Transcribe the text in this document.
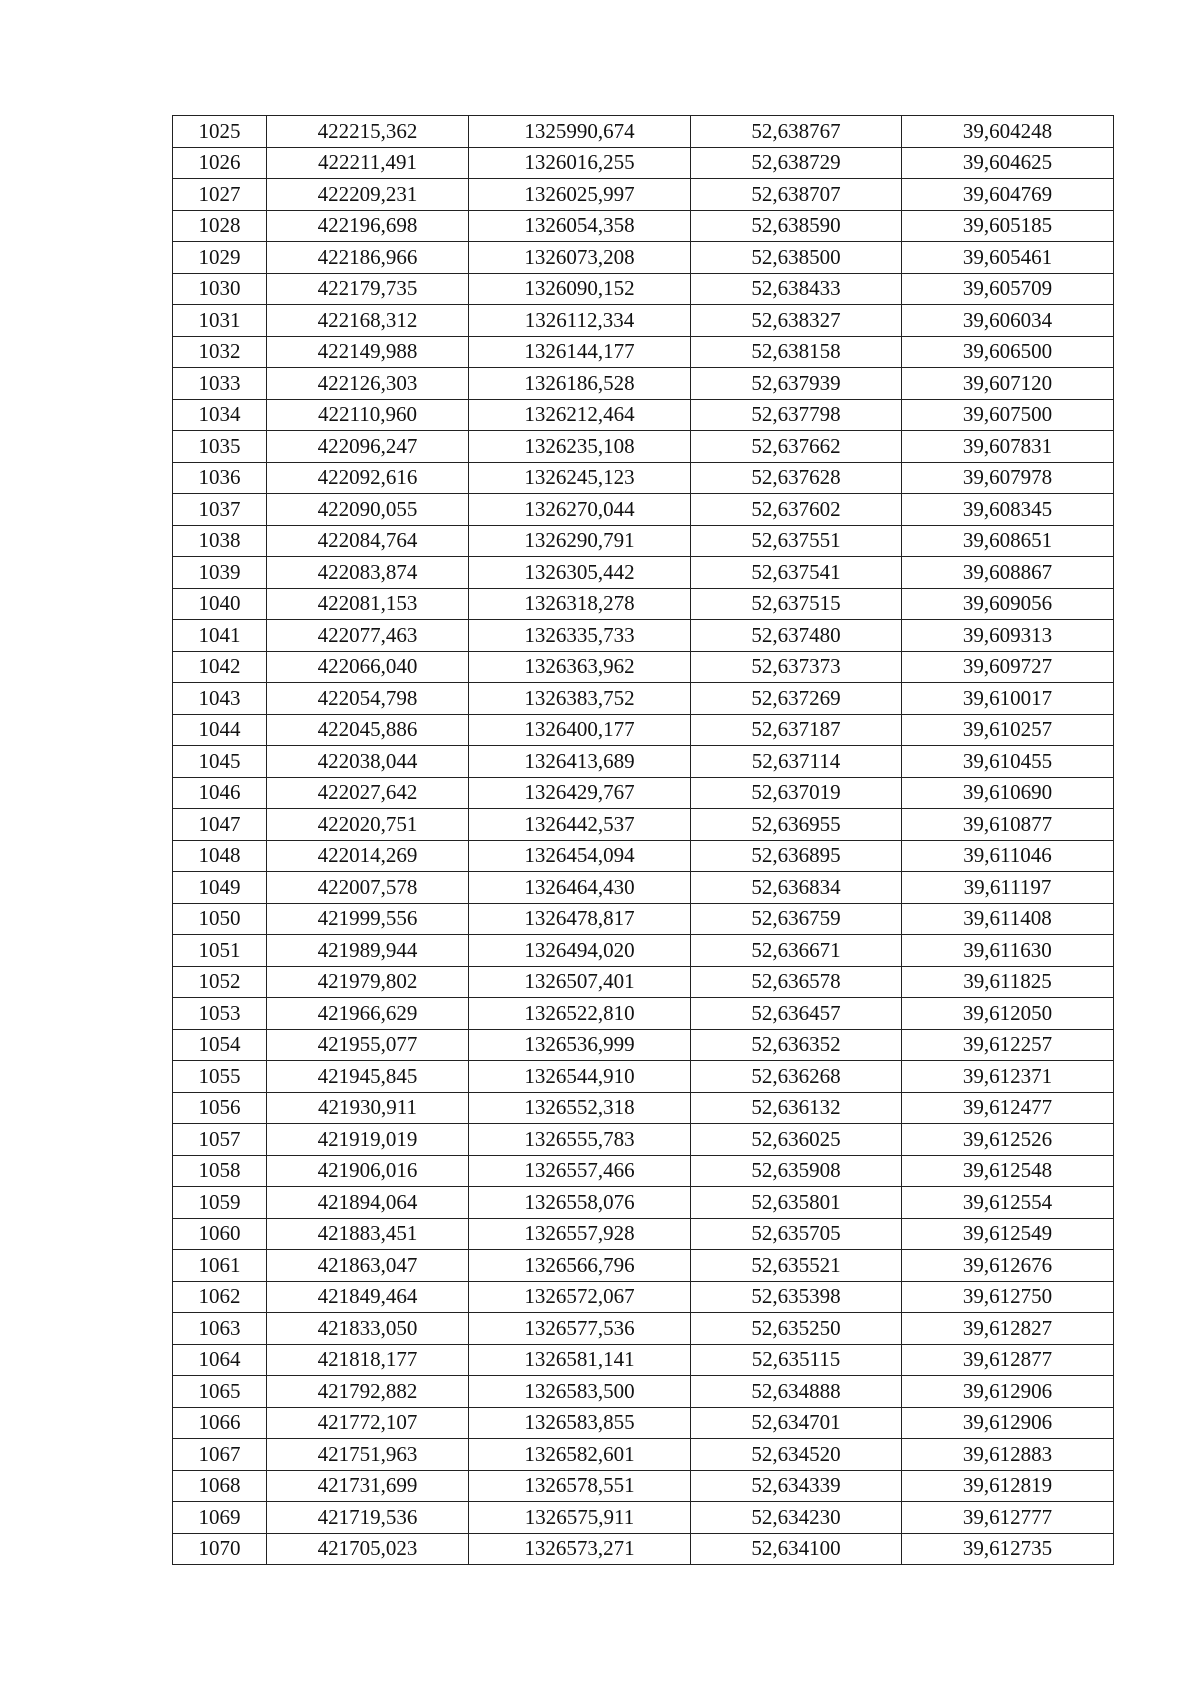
1025	422215,362	1325990,674	52,638767	39,604248
1026	422211,491	1326016,255	52,638729	39,604625
1027	422209,231	1326025,997	52,638707	39,604769
1028	422196,698	1326054,358	52,638590	39,605185
1029	422186,966	1326073,208	52,638500	39,605461
1030	422179,735	1326090,152	52,638433	39,605709
1031	422168,312	1326112,334	52,638327	39,606034
1032	422149,988	1326144,177	52,638158	39,606500
1033	422126,303	1326186,528	52,637939	39,607120
1034	422110,960	1326212,464	52,637798	39,607500
1035	422096,247	1326235,108	52,637662	39,607831
1036	422092,616	1326245,123	52,637628	39,607978
1037	422090,055	1326270,044	52,637602	39,608345
1038	422084,764	1326290,791	52,637551	39,608651
1039	422083,874	1326305,442	52,637541	39,608867
1040	422081,153	1326318,278	52,637515	39,609056
1041	422077,463	1326335,733	52,637480	39,609313
1042	422066,040	1326363,962	52,637373	39,609727
1043	422054,798	1326383,752	52,637269	39,610017
1044	422045,886	1326400,177	52,637187	39,610257
1045	422038,044	1326413,689	52,637114	39,610455
1046	422027,642	1326429,767	52,637019	39,610690
1047	422020,751	1326442,537	52,636955	39,610877
1048	422014,269	1326454,094	52,636895	39,611046
1049	422007,578	1326464,430	52,636834	39,611197
1050	421999,556	1326478,817	52,636759	39,611408
1051	421989,944	1326494,020	52,636671	39,611630
1052	421979,802	1326507,401	52,636578	39,611825
1053	421966,629	1326522,810	52,636457	39,612050
1054	421955,077	1326536,999	52,636352	39,612257
1055	421945,845	1326544,910	52,636268	39,612371
1056	421930,911	1326552,318	52,636132	39,612477
1057	421919,019	1326555,783	52,636025	39,612526
1058	421906,016	1326557,466	52,635908	39,612548
1059	421894,064	1326558,076	52,635801	39,612554
1060	421883,451	1326557,928	52,635705	39,612549
1061	421863,047	1326566,796	52,635521	39,612676
1062	421849,464	1326572,067	52,635398	39,612750
1063	421833,050	1326577,536	52,635250	39,612827
1064	421818,177	1326581,141	52,635115	39,612877
1065	421792,882	1326583,500	52,634888	39,612906
1066	421772,107	1326583,855	52,634701	39,612906
1067	421751,963	1326582,601	52,634520	39,612883
1068	421731,699	1326578,551	52,634339	39,612819
1069	421719,536	1326575,911	52,634230	39,612777
1070	421705,023	1326573,271	52,634100	39,612735
